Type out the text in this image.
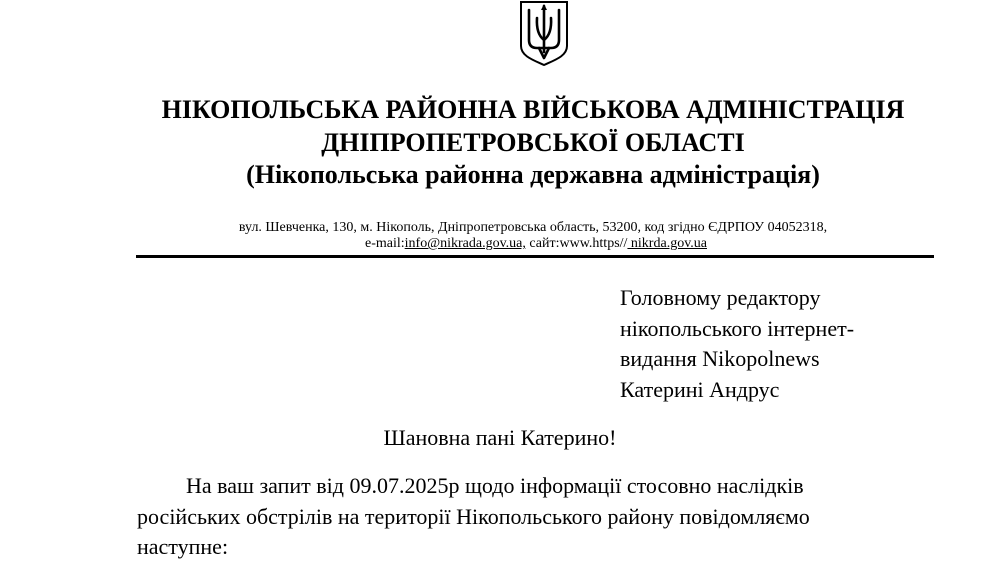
НІКОПОЛЬСЬКА РАЙОННА ВІЙСЬКОВА АДМІНІСТРАЦІЯ
ДНІПРОПЕТРОВСЬКОЇ ОБЛАСТІ
(Нікопольська районна державна адміністрація)
вул. Шевченка, 130, м. Нікополь, Дніпропетровська область, 53200, код згідно ЄДРПОУ 04052318,
e-mail:info@nikrada.gov.ua, сайт:www.https// nikrda.gov.ua
Головному редактору
нікопольського інтернет-
видання Nikopolnews
Катерині Андрус
Шановна пані Катерино!
На ваш запит від 09.07.2025р щодо інформації стосовно наслідків
російських обстрілів на території Нікопольського району повідомляємо
наступне:
